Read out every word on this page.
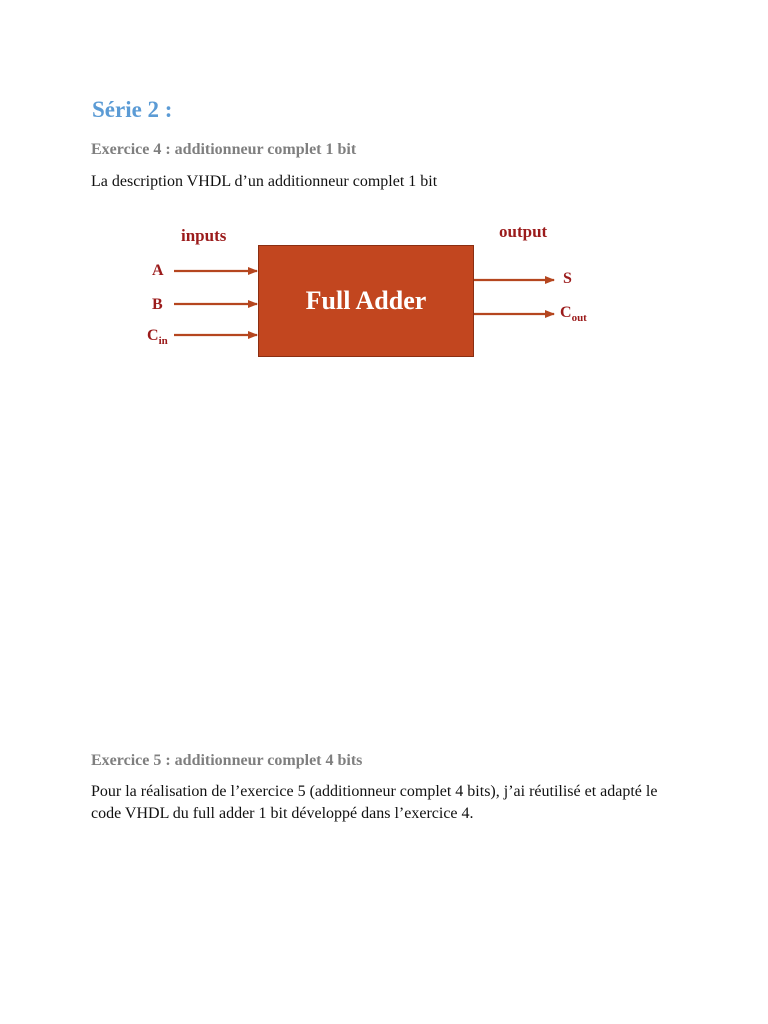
Série 2 :
Exercice 4 : additionneur complet 1 bit

La description VHDL d’un additionneur complet 1 bit

Full Adder
inputs	output
A
B
$C_{in}$
S
$C_{out}$
Exercice 5 : additionneur complet 4 bits

Pour la réalisation de l’exercice 5 (additionneur complet 4 bits), j’ai réutilisé et adapté le code VHDL du full adder 1 bit développé dans l’exercice 4.
